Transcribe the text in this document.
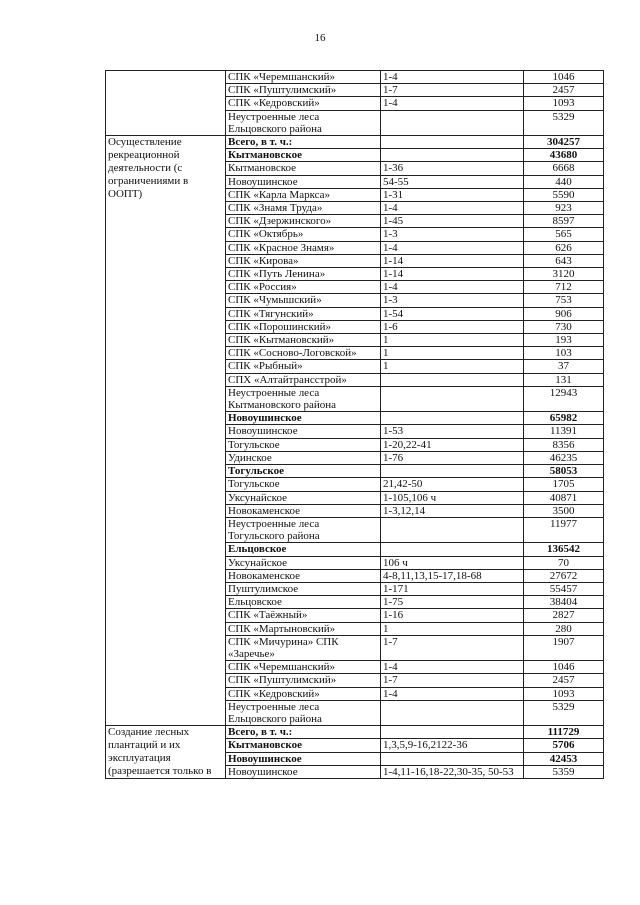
16
	СПК «Черемшанский»	1-4	1046
	СПК «Пуштулимский»	1-7	2457
	СПК «Кедровский»	1-4	1093
	Неустроенные леса Ельцовского района		5329
Осуществление рекреационной деятельности (с ограничениями в ООПТ)	Всего, в т. ч.:		304257
	Кытмановское		43680
	Кытмановское	1-36	6668
	Новоушинское	54-55	440
	СПК «Карла Маркса»	1-31	5590
	СПК «Знамя Труда»	1-4	923
	СПК «Дзержинского»	1-45	8597
	СПК «Октябрь»	1-3	565
	СПК «Красное Знамя»	1-4	626
	СПК «Кирова»	1-14	643
	СПК «Путь Ленина»	1-14	3120
	СПК «Россия»	1-4	712
	СПК «Чумышский»	1-3	753
	СПК «Тягунский»	1-54	906
	СПК «Порошинский»	1-6	730
	СПК «Кытмановский»	1	193
	СПК «Сосново-Логовской»	1	103
	СПК «Рыбный»	1	37
	СПХ «Алтайтрансстрой»		131
	Неустроенные леса Кытмановского района		12943
	Новоушинское		65982
	Новоушинское	1-53	11391
	Тогульское	1-20,22-41	8356
	Удинское	1-76	46235
	Тогульское		58053
	Тогульское	21,42-50	1705
	Уксунайское	1-105,106 ч	40871
	Новокаменское	1-3,12,14	3500
	Неустроенные леса Тогульского района		11977
	Ельцовское		136542
	Уксунайское	106 ч	70
	Новокаменское	4-8,11,13,15-17,18-68	27672
	Пуштулимское	1-171	55457
	Ельцовское	1-75	38404
	СПК «Таёжный»	1-16	2827
	СПК «Мартыновский»	1	280
	СПК «Мичурина» СПК «Заречье»	1-7	1907
	СПК «Черемшанский»	1-4	1046
	СПК «Пуштулимский»	1-7	2457
	СПК «Кедровский»	1-4	1093
	Неустроенные леса Ельцовского района		5329
Создание лесных плантаций и их эксплуатация (разрешается только в	Всего, в т. ч.:		111729
	Кытмановское	1,3,5,9-16,2122-36	5706
	Новоушинское		42453
	Новоушинское	1-4,11-16,18-22,30-35, 50-53	5359
